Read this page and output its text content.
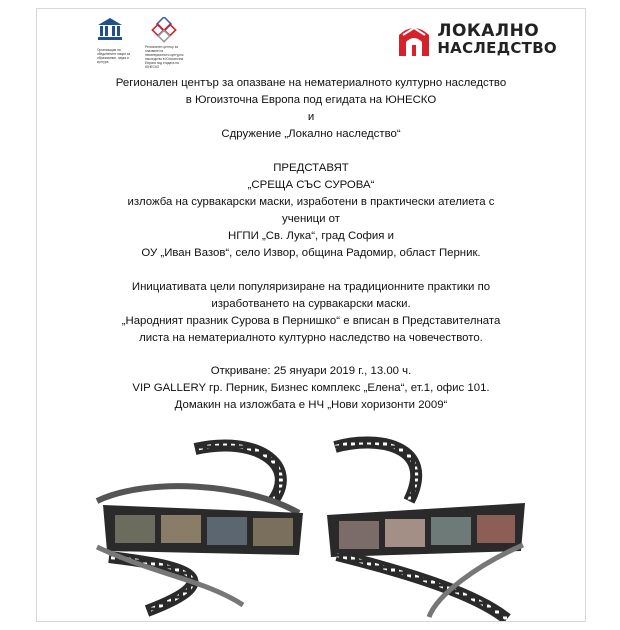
Организация на обединените нации за образование, наука и култура
Регионален център за опазване на нематериалното културно наследство в Югоизточна Европа под егидата на ЮНЕСКО
ЛОКАЛНО
НАСЛЕДСТВО

Регионален център за опазване на нематериалното културно наследство

в Югоизточна Европа под егидата на ЮНЕСКО

и

Сдружение „Локално наследство“

ПРЕДСТАВЯТ

„СРЕЩА СЪС СУРОВА“

изложба на сурвакарски маски, изработени в практически ателиета с

ученици от

НГПИ „Св. Лука“, град София и

ОУ „Иван Вазов“, село Извор, община Радомир, област Перник.

Инициативата цели популяризиране на традиционните практики по

изработването на сурвакарски маски.

„Народният празник Сурова в Пернишко“ е вписан в Представителната

листа на нематериалното културно наследство на човечеството.

Откриване: 25 януари 2019 г., 13.00 ч.

VIP GALLERY гр. Перник, Бизнес комплекс „Елена“, ет.1, офис 101.

Домакин на изложбата е НЧ „Нови хоризонти 2009“
